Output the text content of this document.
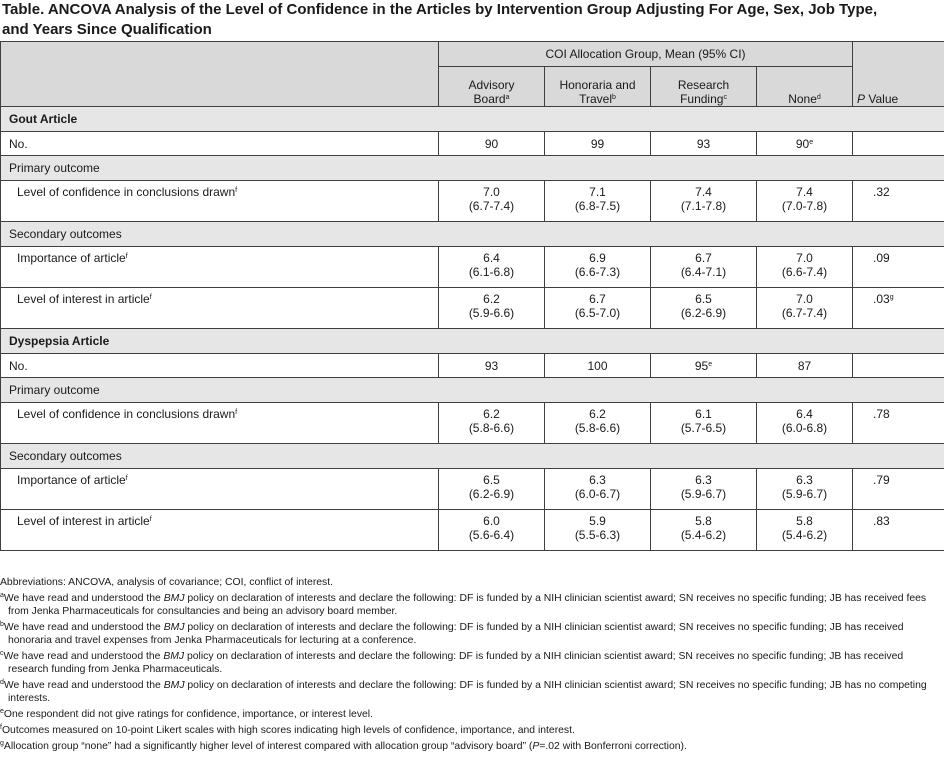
Table. ANCOVA Analysis of the Level of Confidence in the Articles by Intervention Group Adjusting For Age, Sex, Job Type,
and Years Since Qualification

	COI Allocation Group, Mean (95% CI)				P Value
	Advisory
Board$^a$	Honoraria and
Travel$^b$	Research
Funding$^c$	None$^d$
Gout Article					
No.	90	99	93	90e	
Primary outcome					
Level of confidence in conclusions drawn$^f$	7.0
(6.7-7.4)	7.1
(6.8-7.5)	7.4
(7.1-7.8)	7.4
(7.0-7.8)	.32
Secondary outcomes					
Importance of article$^f$	6.4
(6.1-6.8)	6.9
(6.6-7.3)	6.7
(6.4-7.1)	7.0
(6.6-7.4)	.09
Level of interest in article$^f$	6.2
(5.9-6.6)	6.7
(6.5-7.0)	6.5
(6.2-6.9)	7.0
(6.7-7.4)	.03$^g$
Dyspepsia Article					
No.	93	100	95e	87	
Primary outcome					
Level of confidence in conclusions drawn$^f$	6.2
(5.8-6.6)	6.2
(5.8-6.6)	6.1
(5.7-6.5)	6.4
(6.0-6.8)	.78
Secondary outcomes					
Importance of article$^f$	6.5
(6.2-6.9)	6.3
(6.0-6.7)	6.3
(5.9-6.7)	6.3
(5.9-6.7)	.79
Level of interest in article$^f$	6.0
(5.6-6.4)	5.9
(5.5-6.3)	5.8
(5.4-6.2)	5.8
(5.4-6.2)	.83

Abbreviations: ANCOVA, analysis of covariance; COI, conflict of interest.

$^a$We have read and understood the BMJ policy on declaration of interests and declare the following: DF is funded by a NIH clinician scientist award; SN receives no specific funding; JB has received fees from Jenka Pharmaceuticals for consultancies and being an advisory board member.

$^b$We have read and understood the BMJ policy on declaration of interests and declare the following: DF is funded by a NIH clinician scientist award; SN receives no specific funding; JB has received honoraria and travel expenses from Jenka Pharmaceuticals for lecturing at a conference.

$^c$We have read and understood the BMJ policy on declaration of interests and declare the following: DF is funded by a NIH clinician scientist award; SN receives no specific funding; JB has received research funding from Jenka Pharmaceuticals.

$^d$We have read and understood the BMJ policy on declaration of interests and declare the following: DF is funded by a NIH clinician scientist award; SN receives no specific funding; JB has no competing interests.

$^e$One respondent did not give ratings for confidence, importance, or interest level.

$^f$Outcomes measured on 10-point Likert scales with high scores indicating high levels of confidence, importance, and interest.

$^g$Allocation group “none” had a significantly higher level of interest compared with allocation group “advisory board” (P=.02 with Bonferroni correction).
